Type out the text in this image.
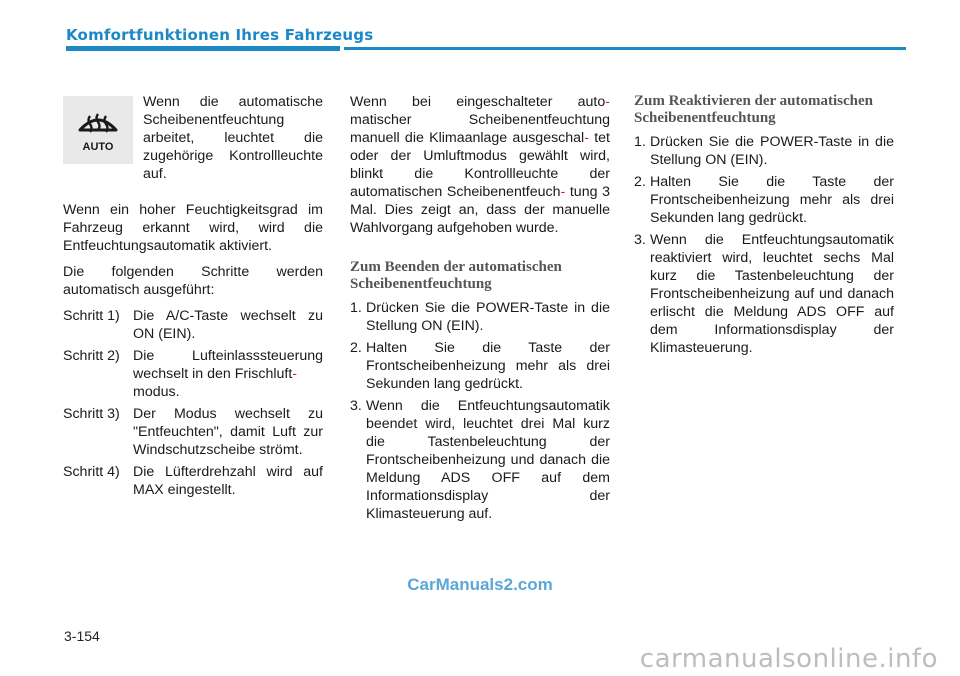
Komfortfunktionen Ihres Fahrzeugs
AUTO

Wenn die automatische Scheibenentfeuchtung arbeitet, leuchtet die zugehörige Kontrollleuchte auf.

Wenn ein hoher Feuchtigkeitsgrad im Fahrzeug erkannt wird, wird die Entfeuchtungsautomatik aktiviert.

Die folgenden Schritte werden automatisch ausgeführt:

Schritt 1) Die A/C-Taste wechselt zu ON (EIN).
Schritt 2) Die Lufteinlasssteuerung wechselt in den Frischluft-
modus.
Schritt 3) Der Modus wechselt zu "Entfeuchten", damit Luft zur Windschutzscheibe strömt.
Schritt 4) Die Lüfterdrehzahl wird auf MAX eingestellt.

Wenn bei eingeschalteter auto- matischer Scheibenentfeuchtung manuell die Klimaanlage ausgeschal- tet oder der Umluftmodus gewählt wird, blinkt die Kontrollleuchte der automatischen Scheibenentfeuch- tung 3 Mal. Dies zeigt an, dass der manuelle Wahlvorgang aufgehoben wurde.

Zum Beenden der automatischen Scheibenentfeuchtung
1. Drücken Sie die POWER-Taste in die Stellung ON (EIN).
2. Halten Sie die Taste der Frontscheibenheizung mehr als drei Sekunden lang gedrückt.
3. Wenn die Entfeuchtungsautomatik beendet wird, leuchtet drei Mal kurz die Tastenbeleuchtung der Frontscheibenheizung und danach die Meldung ADS OFF auf dem Informationsdisplay der Klimasteuerung auf.
Zum Reaktivieren der automatischen Scheibenentfeuchtung
1. Drücken Sie die POWER-Taste in die Stellung ON (EIN).
2. Halten Sie die Taste der Frontscheibenheizung mehr als drei Sekunden lang gedrückt.
3. Wenn die Entfeuchtungsautomatik reaktiviert wird, leuchtet sechs Mal kurz die Tastenbeleuchtung der Frontscheibenheizung auf und danach erlischt die Meldung ADS OFF auf dem Informationsdisplay der Klimasteuerung.
CarManuals2.com
3-154
carmanualsonline.info
